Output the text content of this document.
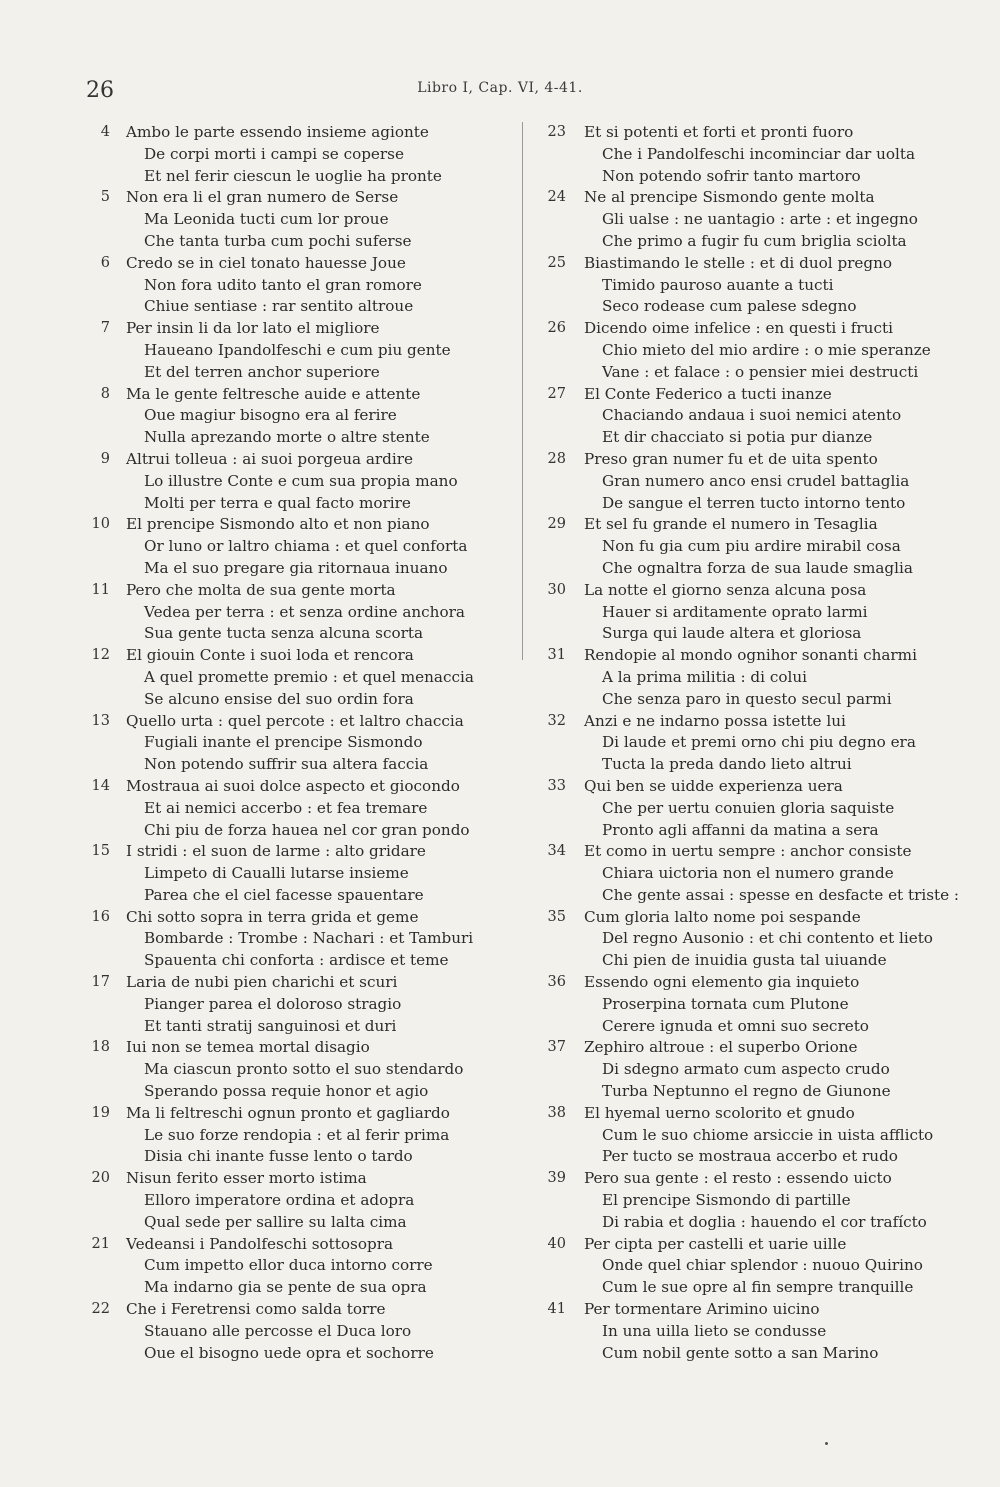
26	Libro I, Cap. VI, 4-41.

4 Ambo le parte essendo insieme agionte
De corpi morti i campi se coperse
Et nel ferir ciescun le uoglie ha pronte
5 Non era li el gran numero de Serse
Ma Leonida tucti cum lor proue
Che tanta turba cum pochi suferse
6 Credo se in ciel tonato hauesse Joue
Non fora udito tanto el gran romore
Chiue sentiase : rar sentito altroue
7 Per insin li da lor lato el migliore
Haueano Ipandolfeschi e cum piu gente
Et del terren anchor superiore
8 Ma le gente feltresche auide e attente
Oue magiur bisogno era al ferire
Nulla aprezando morte o altre stente
9 Altrui tolleua : ai suoi porgeua ardire
Lo illustre Conte e cum sua propia mano
Molti per terra e qual facto morire
10 El prencipe Sismondo alto et non piano
Or luno or laltro chiama : et quel conforta
Ma el suo pregare gia ritornaua inuano
11 Pero che molta de sua gente morta
Vedea per terra : et senza ordine anchora
Sua gente tucta senza alcuna scorta
12 El giouin Conte i suoi loda et rencora
A quel promette premio : et quel menaccia
Se alcuno ensise del suo ordin fora
13 Quello urta : quel percote : et laltro chaccia
Fugiali inante el prencipe Sismondo
Non potendo suffrir sua altera faccia
14 Mostraua ai suoi dolce aspecto et giocondo
Et ai nemici accerbo : et fea tremare
Chi piu de forza hauea nel cor gran pondo
15 I stridi : el suon de larme : alto gridare
Limpeto di Caualli lutarse insieme
Parea che el ciel facesse spauentare
16 Chi sotto sopra in terra grida et geme
Bombarde : Trombe : Nachari : et Tamburi
Spauenta chi conforta : ardisce et teme
17 Laria de nubi pien charichi et scuri
Pianger parea el doloroso stragio
Et tanti stratij sanguinosi et duri
18 Iui non se temea mortal disagio
Ma ciascun pronto sotto el suo stendardo
Sperando possa requie honor et agio
19 Ma li feltreschi ognun pronto et gagliardo
Le suo forze rendopia : et al ferir prima
Disia chi inante fusse lento o tardo
20 Nisun ferito esser morto istima
Elloro imperatore ordina et adopra
Qual sede per sallire su lalta cima
21 Vedeansi i Pandolfeschi sottosopra
Cum impetto ellor duca intorno corre
Ma indarno gia se pente de sua opra
22 Che i Feretrensi como salda torre
Stauano alle percosse el Duca loro
Oue el bisogno uede opra et sochorre
23 Et si potenti et forti et pronti fuoro
Che i Pandolfeschi incominciar dar uolta
Non potendo sofrir tanto martoro
24 Ne al prencipe Sismondo gente molta
Gli ualse : ne uantagio : arte : et ingegno
Che primo a fugir fu cum briglia sciolta
25 Biastimando le stelle : et di duol pregno
Timido pauroso auante a tucti
Seco rodease cum palese sdegno
26 Dicendo oime infelice : en questi i fructi
Chio mieto del mio ardire : o mie speranze
Vane : et falace : o pensier miei destructi
27 El Conte Federico a tucti inanze
Chaciando andaua i suoi nemici atento
Et dir chacciato si potia pur dianze
28 Preso gran numer fu et de uita spento
Gran numero anco ensi crudel battaglia
De sangue el terren tucto intorno tento
29 Et sel fu grande el numero in Tesaglia
Non fu gia cum piu ardire mirabil cosa
Che ognaltra forza de sua laude smaglia
30 La notte el giorno senza alcuna posa
Hauer si arditamente oprato larmi
Surga qui laude altera et gloriosa
31 Rendopie al mondo ognihor sonanti charmi
A la prima militia : di colui
Che senza paro in questo secul parmi
32 Anzi e ne indarno possa istette lui
Di laude et premi orno chi piu degno era
Tucta la preda dando lieto altrui
33 Qui ben se uidde experienza uera
Che per uertu conuien gloria saquiste
Pronto agli affanni da matina a sera
34 Et como in uertu sempre : anchor consiste
Chiara uictoria non el numero grande
Che gente assai : spesse en desfacte et triste :
35 Cum gloria lalto nome poi sespande
Del regno Ausonio : et chi contento et lieto
Chi pien de inuidia gusta tal uiuande
36 Essendo ogni elemento gia inquieto
Proserpina tornata cum Plutone
Cerere ignuda et omni suo secreto
37 Zephiro altroue : el superbo Orione
Di sdegno armato cum aspecto crudo
Turba Neptunno el regno de Giunone
38 El hyemal uerno scolorito et gnudo
Cum le suo chiome arsiccie in uista afflicto
Per tucto se mostraua accerbo et rudo
39 Pero sua gente : el resto : essendo uicto
El prencipe Sismondo di partille
Di rabia et doglia : hauendo el cor trafícto
40 Per cipta per castelli et uarie uille
Onde quel chiar splendor : nuouo Quirino
Cum le sue opre al fin sempre tranquille
41 Per tormentare Arimino uicino
In una uilla lieto se condusse
Cum nobil gente sotto a san Marino
